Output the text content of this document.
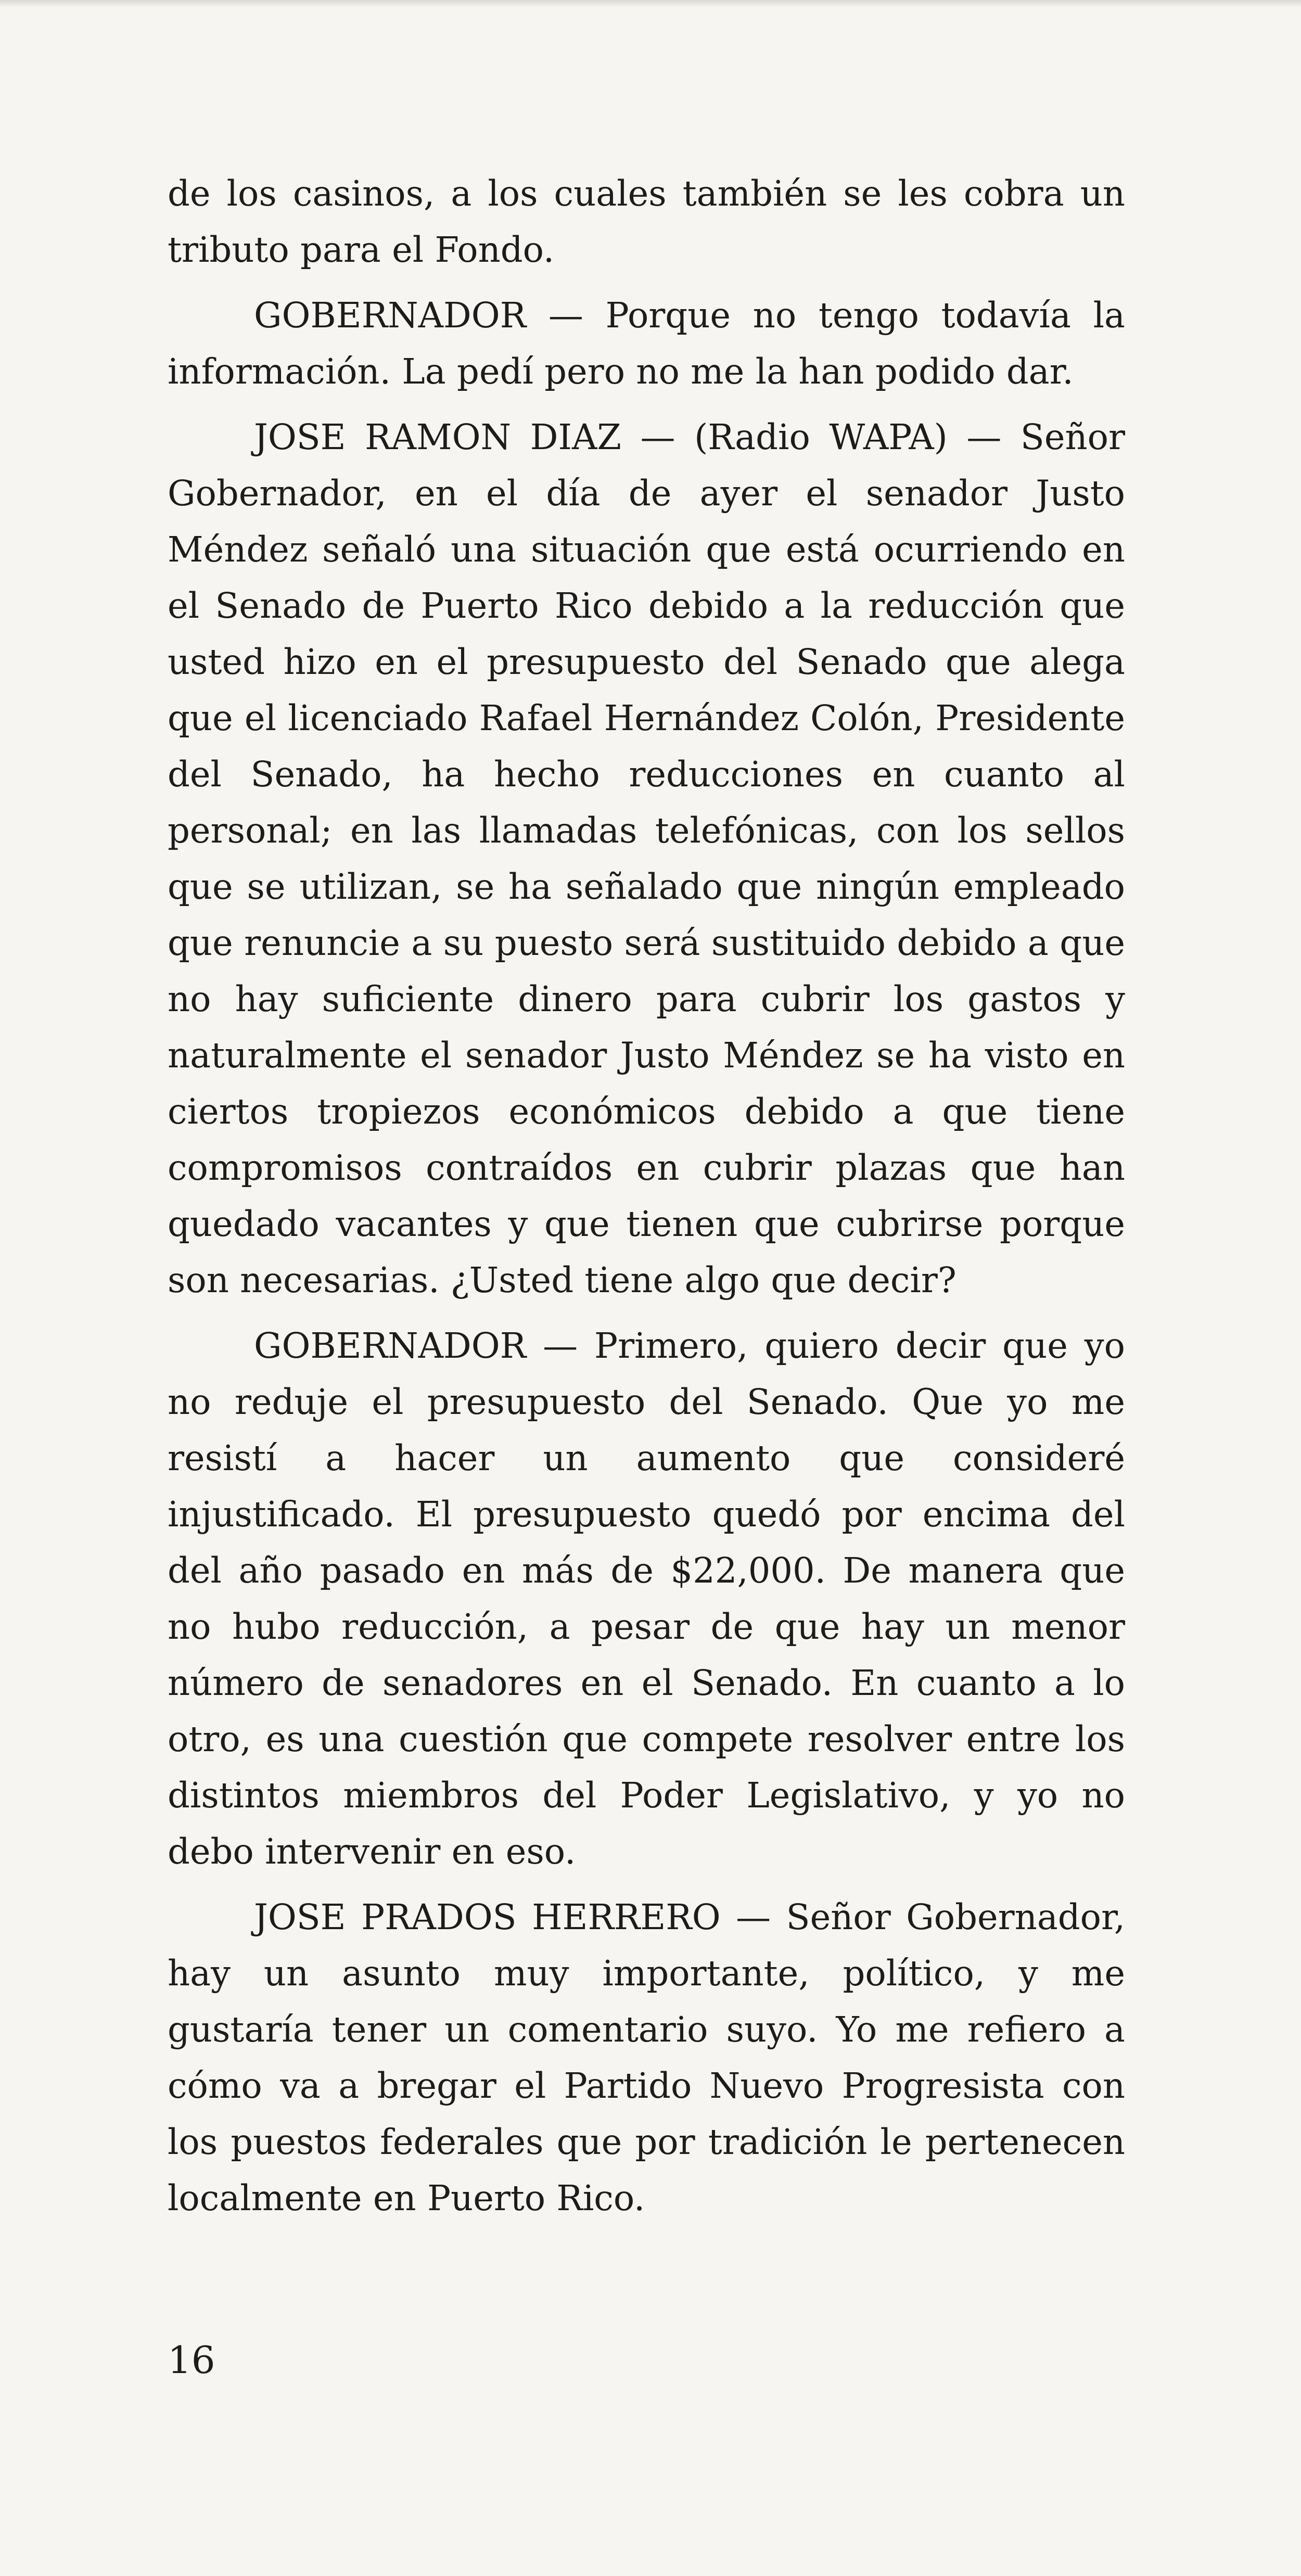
de los casinos, a los cuales también se les cobra un tributo para el Fondo.

GOBERNADOR — Porque no tengo todavía la información. La pedí pero no me la han podido dar.

JOSE RAMON DIAZ — (Radio WAPA) — Señor Gobernador, en el día de ayer el senador Justo Méndez señaló una situación que está ocurriendo en el Senado de Puerto Rico debido a la reducción que usted hizo en el presupuesto del Senado que alega que el licenciado Rafael Hernández Colón, Presidente del Senado, ha hecho reducciones en cuanto al personal; en las llamadas telefónicas, con los sellos que se utilizan, se ha señalado que ningún empleado que renuncie a su puesto será sustituido debido a que no hay suficiente dinero para cubrir los gastos y naturalmente el senador Justo Méndez se ha visto en ciertos tropiezos económicos debido a que tiene compromisos contraídos en cubrir plazas que han quedado vacantes y que tienen que cubrirse porque son necesarias. ¿Usted tiene algo que decir?

GOBERNADOR — Primero, quiero decir que yo no reduje el presupuesto del Senado. Que yo me resistí a hacer un aumento que consideré injustificado. El presupuesto quedó por encima del del año pasado en más de $22,000. De manera que no hubo reducción, a pesar de que hay un menor número de senadores en el Senado. En cuanto a lo otro, es una cuestión que compete resolver entre los distintos miembros del Poder Legislativo, y yo no debo intervenir en eso.

JOSE PRADOS HERRERO — Señor Gobernador, hay un asunto muy importante, político, y me gustaría tener un comentario suyo. Yo me refiero a cómo va a bregar el Partido Nuevo Progresista con los puestos federales que por tradición le pertenecen localmente en Puerto Rico.

16
